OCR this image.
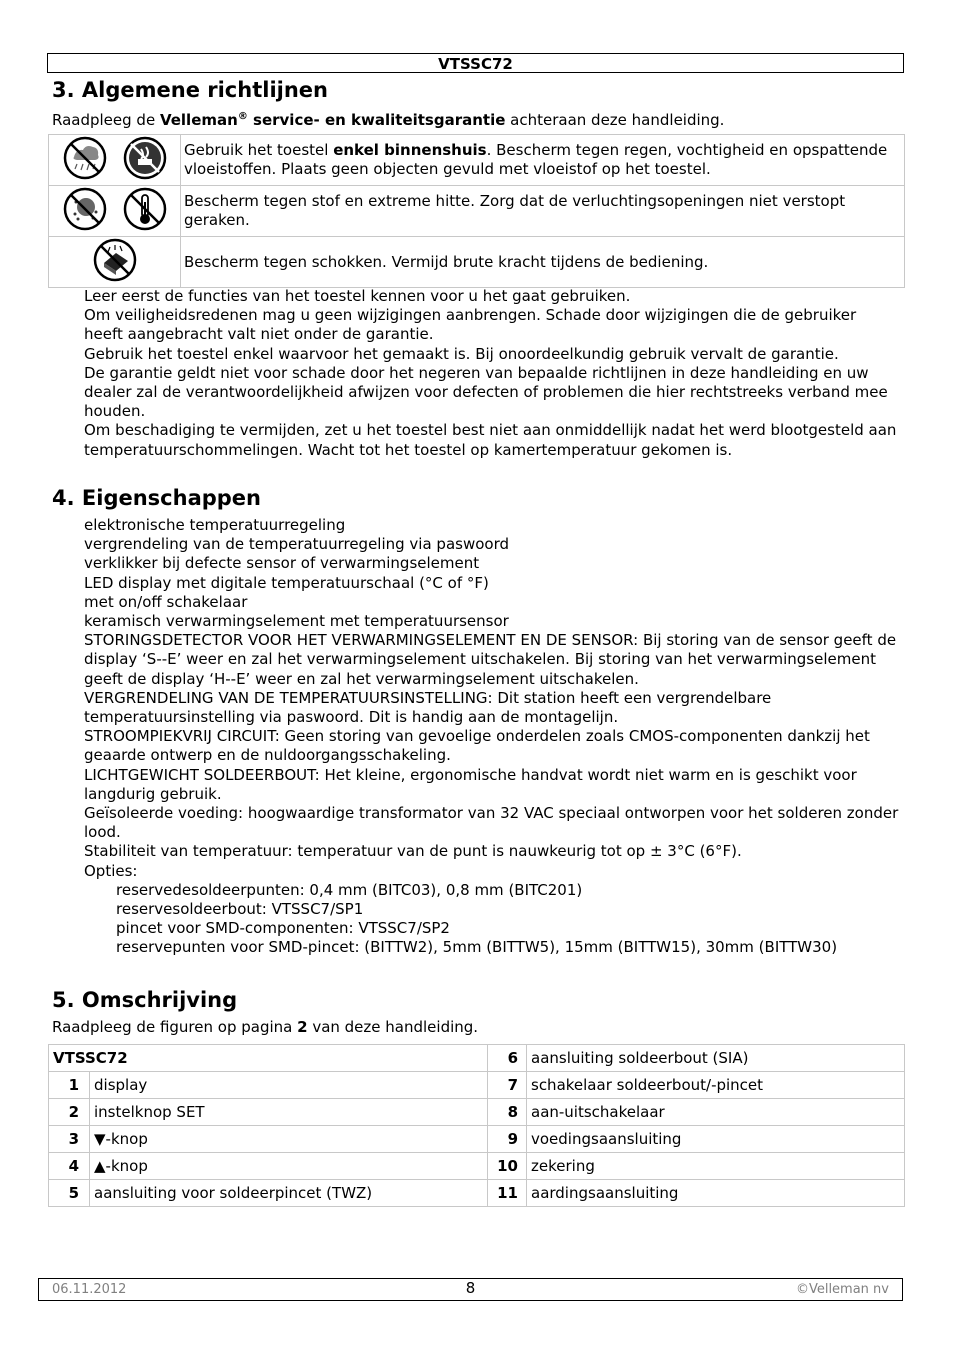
VTSSC72
3. Algemene richtlijnen
Raadpleeg de Velleman® service- en kwaliteitsgarantie achteraan deze handleiding.
	Gebruik het toestel enkel binnenshuis. Bescherm tegen regen, vochtigheid en opspattende vloeistoffen. Plaats geen objecten gevuld met vloeistof op het toestel.

	Bescherm tegen stof en extreme hitte. Zorg dat de verluchtingsopeningen niet verstopt geraken.

	Bescherm tegen schokken. Vermijd brute kracht tijdens de bediening.
Leer eerst de functies van het toestel kennen voor u het gaat gebruiken.
Om veiligheidsredenen mag u geen wijzigingen aanbrengen. Schade door wijzigingen die de gebruiker heeft aangebracht valt niet onder de garantie.
Gebruik het toestel enkel waarvoor het gemaakt is. Bij onoordeelkundig gebruik vervalt de garantie.
De garantie geldt niet voor schade door het negeren van bepaalde richtlijnen in deze handleiding en uw dealer zal de verantwoordelijkheid afwijzen voor defecten of problemen die hier rechtstreeks verband mee houden.
Om beschadiging te vermijden, zet u het toestel best niet aan onmiddellijk nadat het werd blootgesteld aan temperatuurschommelingen. Wacht tot het toestel op kamertemperatuur gekomen is.
4. Eigenschappen
elektronische temperatuurregeling
vergrendeling van de temperatuurregeling via paswoord
verklikker bij defecte sensor of verwarmingselement
LED display met digitale temperatuurschaal (°C of °F)
met on/off schakelaar
keramisch verwarmingselement met temperatuursensor
STORINGSDETECTOR VOOR HET VERWARMINGSELEMENT EN DE SENSOR: Bij storing van de sensor geeft de display ‘S--E’ weer en zal het verwarmingselement uitschakelen. Bij storing van het verwarmingselement geeft de display ‘H--E’ weer en zal het verwarmingselement uitschakelen.
VERGRENDELING VAN DE TEMPERATUURSINSTELLING: Dit station heeft een vergrendelbare temperatuursinstelling via paswoord. Dit is handig aan de montagelijn.
STROOMPIEKVRIJ CIRCUIT: Geen storing van gevoelige onderdelen zoals CMOS-componenten dankzij het geaarde ontwerp en de nuldoorgangsschakeling.
LICHTGEWICHT SOLDEERBOUT: Het kleine, ergonomische handvat wordt niet warm en is geschikt voor langdurig gebruik.
Geïsoleerde voeding: hoogwaardige transformator van 32 VAC speciaal ontworpen voor het solderen zonder lood.
Stabiliteit van temperatuur: temperatuur van de punt is nauwkeurig tot op ± 3°C (6°F).
Opties:
reservedesoldeerpunten: 0,4 mm (BITC03), 0,8 mm (BITC201)
reservesoldeerbout: VTSSC7/SP1
pincet voor SMD-componenten: VTSSC7/SP2
reservepunten voor SMD-pincet: (BITTW2), 5mm (BITTW5), 15mm (BITTW15), 30mm (BITTW30)
5. Omschrijving
Raadpleeg de figuren op pagina 2 van deze handleiding.
VTSSC72		6	aansluiting soldeerbout (SIA)
1	display	7	schakelaar soldeerbout/-pincet
2	instelknop SET	8	aan-uitschakelaar
3	▼-knop	9	voedingsaansluiting
4	▲-knop	10	zekering
5	aansluiting voor soldeerpincet (TWZ)	11	aardingsaansluiting
8
06.11.2012	©Velleman nv
